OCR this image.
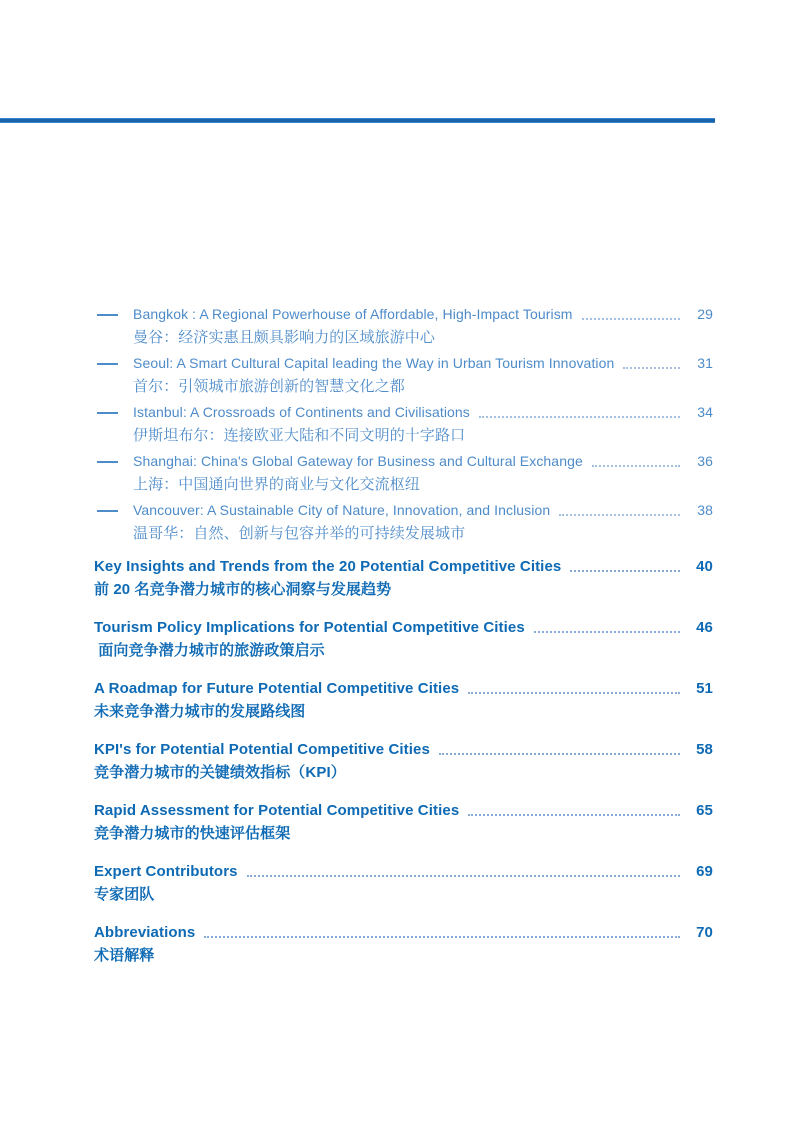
Bangkok : A Regional Powerhouse of Affordable, High-Impact Tourism	29
曼谷：经济实惠且颇具影响力的区域旅游中心
Seoul: A Smart Cultural Capital leading the Way in Urban Tourism Innovation	31
首尔：引领城市旅游创新的智慧文化之都
Istanbul: A Crossroads of Continents and Civilisations	34
伊斯坦布尔：连接欧亚大陆和不同文明的十字路口
Shanghai: China's Global Gateway for Business and Cultural Exchange	36
上海：中国通向世界的商业与文化交流枢纽
Vancouver: A Sustainable City of Nature, Innovation, and Inclusion	38
温哥华：自然、创新与包容并举的可持续发展城市
Key Insights and Trends from the 20 Potential Competitive Cities	40
前 20 名竞争潜力城市的核心洞察与发展趋势
Tourism Policy Implications for Potential Competitive Cities	46
面向竞争潜力城市的旅游政策启示
A Roadmap for Future Potential Competitive Cities	51
未来竞争潜力城市的发展路线图
KPI's for Potential Potential Competitive Cities	58
竞争潜力城市的关键绩效指标（KPI）
Rapid Assessment for Potential Competitive Cities	65
竞争潜力城市的快速评估框架
Expert Contributors	69
专家团队
Abbreviations	70
术语解释
